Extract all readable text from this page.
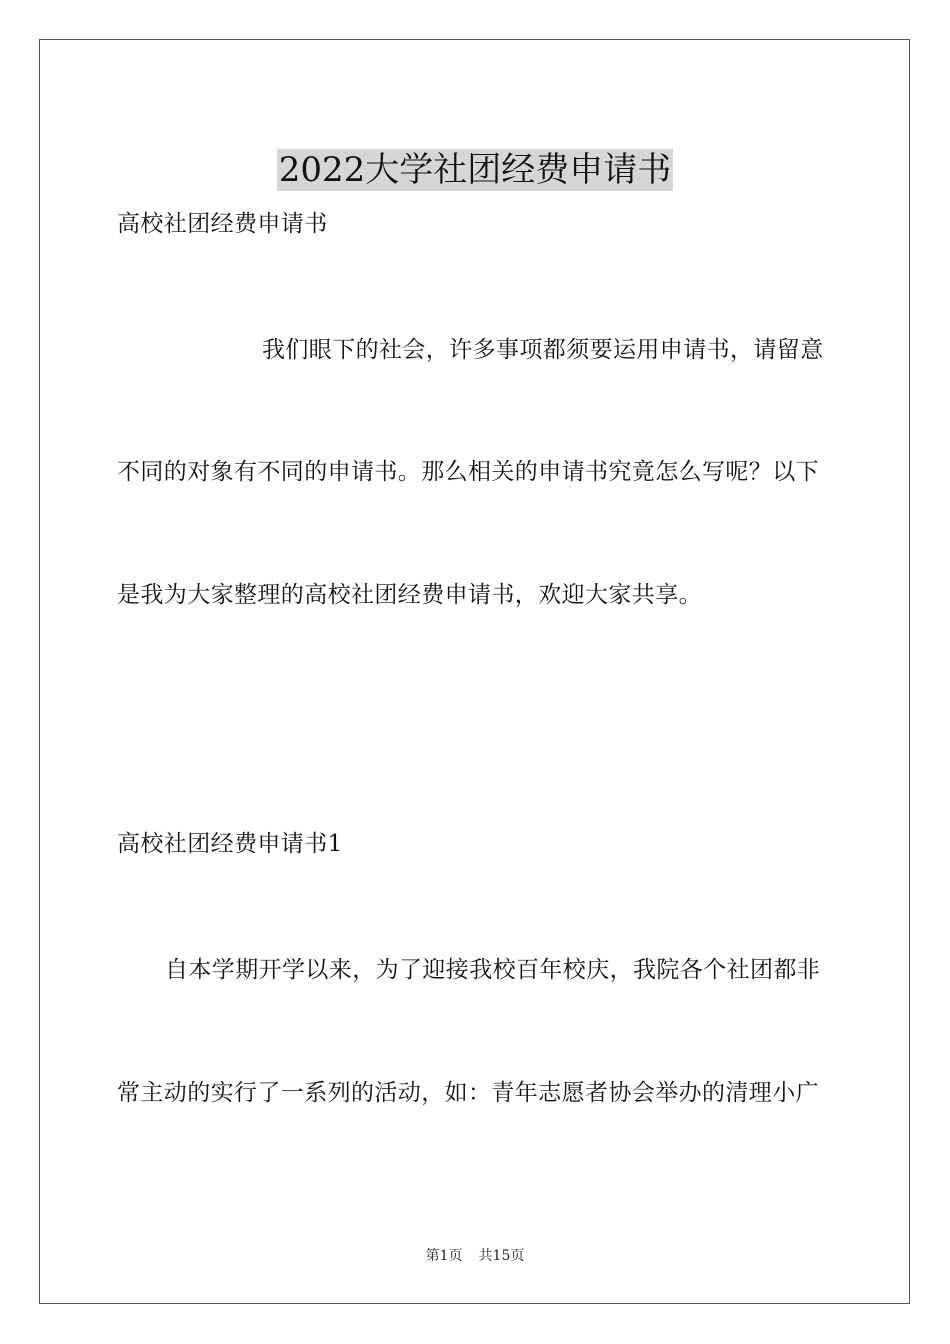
2022大学社团经费申请书
高校社团经费申请书
我们眼下的社会，许多事项都须要运用申请书，请留意
不同的对象有不同的申请书。那么相关的申请书究竟怎么写呢？以下
是我为大家整理的高校社团经费申请书，欢迎大家共享。
高校社团经费申请书1
自本学期开学以来，为了迎接我校百年校庆，我院各个社团都非
常主动的实行了一系列的活动，如：青年志愿者协会举办的清理小广
第1页 共15页
